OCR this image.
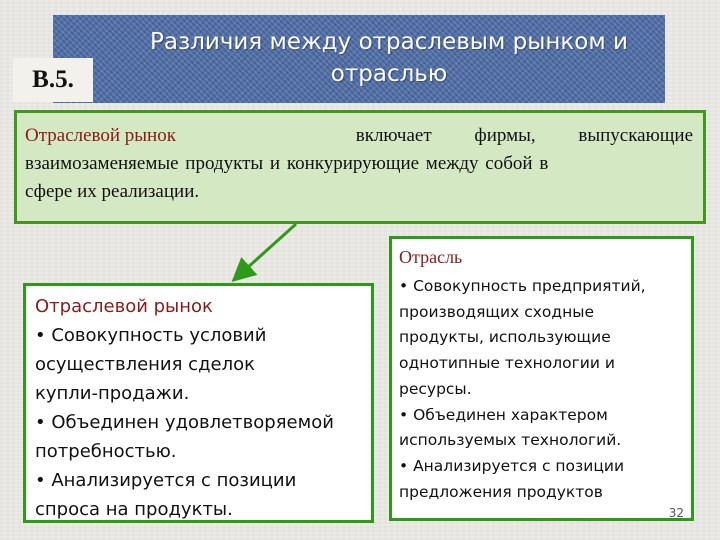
Различия между отраслевым рынком и
отраслью
В.5.
Отраслевой рынок	включает фирмы, выпускающие
взаимозаменяемые продукты и конкурирующие между собой в
сфере их реализации.
Отраслевой рынок
• Совокупность условий
осуществления сделок
купли-продажи.
• Объединен удовлетворяемой
потребностью.
• Анализируется с позиции
спроса на продукты.
Отрасль
• Совокупность предприятий,
производящих сходные
продукты, использующие
однотипные технологии и
ресурсы.
• Объединен характером
используемых технологий.
• Анализируется с позиции
предложения продуктов
32
